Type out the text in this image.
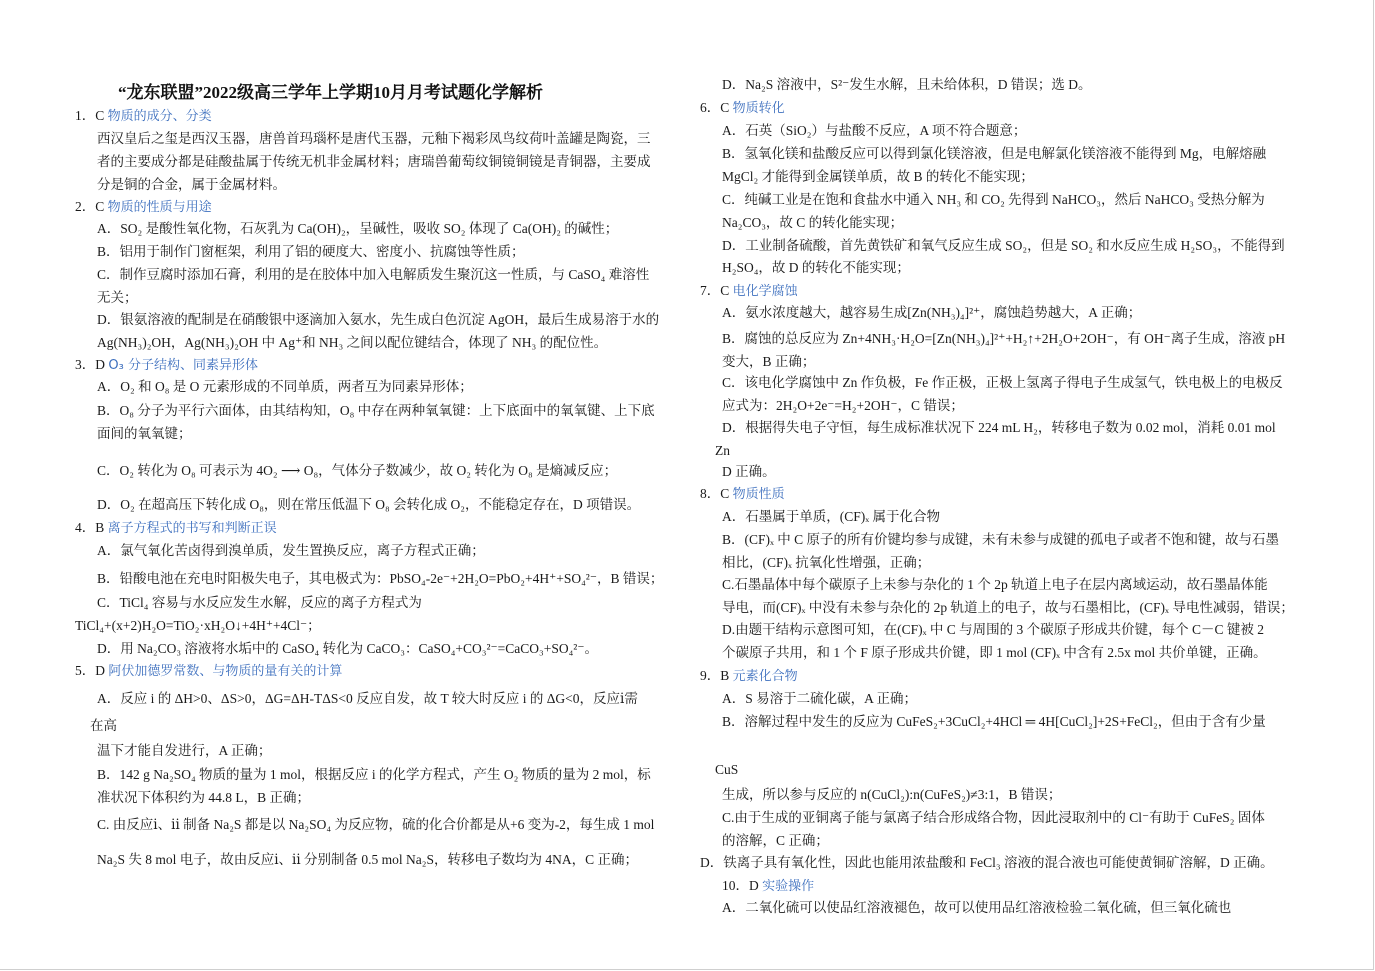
“龙东联盟”2022级高三学年上学期10月月考试题化学解析
1．C 物质的成分、分类
西汉皇后之玺是西汉玉器，唐兽首玛瑙杯是唐代玉器，元釉下褐彩凤鸟纹荷叶盖罐是陶瓷，三
者的主要成分都是硅酸盐属于传统无机非金属材料；唐瑞兽葡萄纹铜镜铜镜是青铜器，主要成
分是铜的合金，属于金属材料。
2．C 物质的性质与用途
A．SO₂ 是酸性氧化物，石灰乳为 Ca(OH)₂，呈碱性，吸收 SO₂ 体现了 Ca(OH)₂ 的碱性；
B．铝用于制作门窗框架，利用了铝的硬度大、密度小、抗腐蚀等性质；
C．制作豆腐时添加石膏，利用的是在胶体中加入电解质发生聚沉这一性质，与 CaSO₄ 难溶性
无关；
D．银氨溶液的配制是在硝酸银中逐滴加入氨水，先生成白色沉淀 AgOH，最后生成易溶于水的
Ag(NH₃)₂OH，Ag(NH₃)₂OH 中 Ag⁺和 NH₃ 之间以配位键结合，体现了 NH₃ 的配位性。
3．D O₃ 分子结构、同素异形体
A．O₂ 和 O₈ 是 O 元素形成的不同单质，两者互为同素异形体；
B．O₈ 分子为平行六面体，由其结构知，O₈ 中存在两种氧氧键：上下底面中的氧氧键、上下底
面间的氧氧键；
C．O₂ 转化为 O₈ 可表示为 4O₂ ⟶ O₈，气体分子数减少，故 O₂ 转化为 O₈ 是熵减反应；
D．O₂ 在超高压下转化成 O₈，则在常压低温下 O₈ 会转化成 O₂，不能稳定存在，D 项错误。
4．B 离子方程式的书写和判断正误
A．氯气氧化苦卤得到溴单质，发生置换反应，离子方程式正确；
B．铅酸电池在充电时阳极失电子，其电极式为：PbSO₄-2e⁻+2H₂O=PbO₂+4H⁺+SO₄²⁻，B 错误；
C．TiCl₄ 容易与水反应发生水解，反应的离子方程式为
TiCl₄+(x+2)H₂O=TiO₂·xH₂O↓+4H⁺+4Cl⁻；
D．用 Na₂CO₃ 溶液将水垢中的 CaSO₄ 转化为 CaCO₃：CaSO₄+CO₃²⁻=CaCO₃+SO₄²⁻。
5．D 阿伏加德罗常数、与物质的量有关的计算
A．反应 i 的 ΔH>0、ΔS>0，ΔG=ΔH-TΔS<0 反应自发，故 T 较大时反应 i 的 ΔG<0，反应ⅰ需
在高
温下才能自发进行，A 正确；
B．142 g Na₂SO₄ 物质的量为 1 mol，根据反应 i 的化学方程式，产生 O₂ 物质的量为 2 mol，标
准状况下体积约为 44.8 L，B 正确；
C. 由反应ⅰ、ⅱ 制备 Na₂S 都是以 Na₂SO₄ 为反应物，硫的化合价都是从+6 变为-2，每生成 1 mol
Na₂S 失 8 mol 电子，故由反应ⅰ、ⅱ 分别制备 0.5 mol Na₂S，转移电子数均为 4NA，C 正确；
D．Na₂S 溶液中，S²⁻发生水解，且未给体积，D 错误；选 D。
6．C 物质转化
A．石英（SiO₂）与盐酸不反应，A 项不符合题意；
B．氢氧化镁和盐酸反应可以得到氯化镁溶液，但是电解氯化镁溶液不能得到 Mg，电解熔融
MgCl₂ 才能得到金属镁单质，故 B 的转化不能实现；
C．纯碱工业是在饱和食盐水中通入 NH₃ 和 CO₂ 先得到 NaHCO₃，然后 NaHCO₃ 受热分解为
Na₂CO₃，故 C 的转化能实现；
D．工业制备硫酸，首先黄铁矿和氧气反应生成 SO₂，但是 SO₂ 和水反应生成 H₂SO₃，不能得到
H₂SO₄，故 D 的转化不能实现；
7．C 电化学腐蚀
A．氨水浓度越大，越容易生成[Zn(NH₃)₄]²⁺，腐蚀趋势越大，A 正确；
B．腐蚀的总反应为 Zn+4NH₃·H₂O=[Zn(NH₃)₄]²⁺+H₂↑+2H₂O+2OH⁻，有 OH⁻离子生成，溶液 pH
变大，B 正确；
C．该电化学腐蚀中 Zn 作负极，Fe 作正极，正极上氢离子得电子生成氢气，铁电极上的电极反
应式为：2H₂O+2e⁻=H₂+2OH⁻，C 错误；
D．根据得失电子守恒，每生成标准状况下 224 mL H₂，转移电子数为 0.02 mol，消耗 0.01 mol
Zn
D 正确。
8．C 物质性质
A．石墨属于单质，(CF)ₓ 属于化合物
B．(CF)ₓ 中 C 原子的所有价键均参与成键，未有未参与成键的孤电子或者不饱和键，故与石墨
相比，(CF)ₓ 抗氧化性增强，正确；
C.石墨晶体中每个碳原子上未参与杂化的 1 个 2p 轨道上电子在层内离域运动，故石墨晶体能
导电，而(CF)ₓ 中没有未参与杂化的 2p 轨道上的电子，故与石墨相比，(CF)ₓ 导电性减弱，错误；
D.由题干结构示意图可知，在(CF)ₓ 中 C 与周围的 3 个碳原子形成共价键，每个 C－C 键被 2
个碳原子共用，和 1 个 F 原子形成共价键，即 1 mol (CF)ₓ 中含有 2.5x mol 共价单键，正确。
9．B 元素化合物
A．S 易溶于二硫化碳，A 正确；
B．溶解过程中发生的反应为 CuFeS₂+3CuCl₂+4HCl ═ 4H[CuCl₂]+2S+FeCl₂，但由于含有少量
CuS
生成，所以参与反应的 n(CuCl₂):n(CuFeS₂)≠3:1，B 错误；
C.由于生成的亚铜离子能与氯离子结合形成络合物，因此浸取剂中的 Cl⁻有助于 CuFeS₂ 固体
的溶解，C 正确；
D．铁离子具有氧化性，因此也能用浓盐酸和 FeCl₃ 溶液的混合液也可能使黄铜矿溶解，D 正确。
10．D 实验操作
A．二氧化硫可以使品红溶液褪色，故可以使用品红溶液检验二氧化硫，但三氧化硫也
